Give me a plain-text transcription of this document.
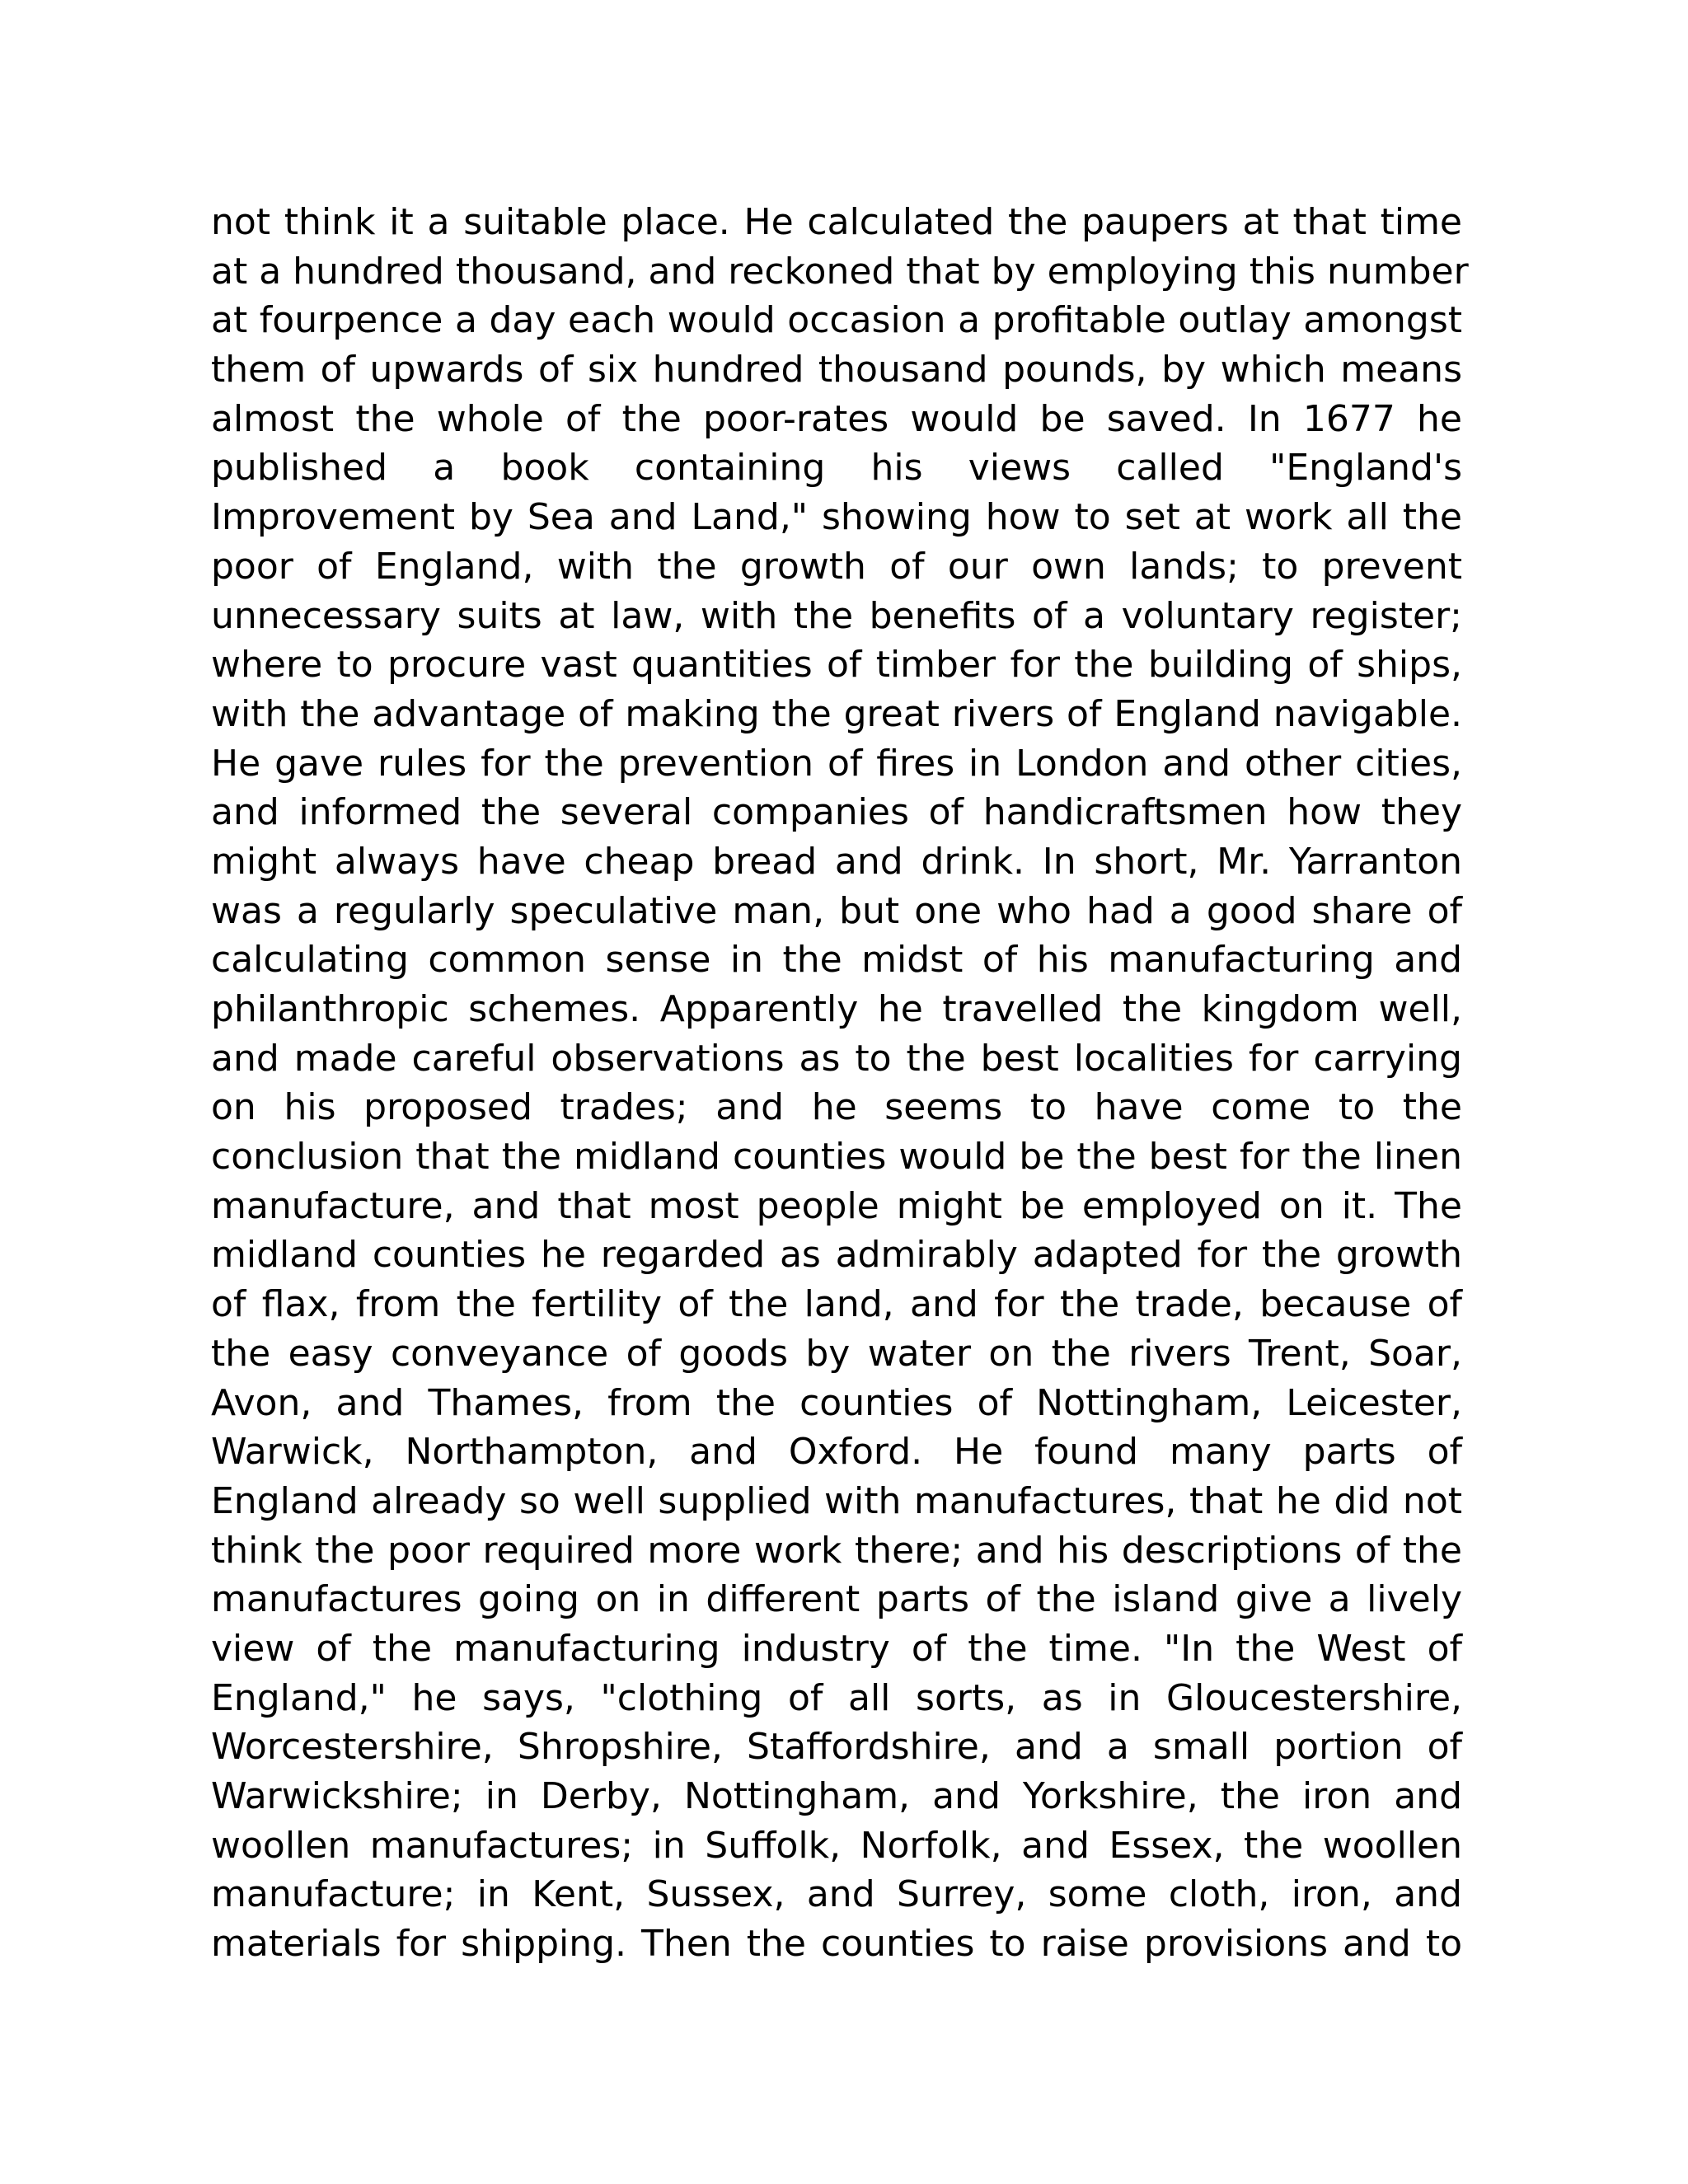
not think it a suitable place. He calculated the paupers at that time
at a hundred thousand, and reckoned that by employing this number
at fourpence a day each would occasion a profitable outlay amongst
them of upwards of six hundred thousand pounds, by which means
almost the whole of the poor-rates would be saved. In 1677 he
published a book containing his views called "England's
Improvement by Sea and Land," showing how to set at work all the
poor of England, with the growth of our own lands; to prevent
unnecessary suits at law, with the benefits of a voluntary register;
where to procure vast quantities of timber for the building of ships,
with the advantage of making the great rivers of England navigable.
He gave rules for the prevention of fires in London and other cities,
and informed the several companies of handicraftsmen how they
might always have cheap bread and drink. In short, Mr. Yarranton
was a regularly speculative man, but one who had a good share of
calculating common sense in the midst of his manufacturing and
philanthropic schemes. Apparently he travelled the kingdom well,
and made careful observations as to the best localities for carrying
on his proposed trades; and he seems to have come to the
conclusion that the midland counties would be the best for the linen
manufacture, and that most people might be employed on it. The
midland counties he regarded as admirably adapted for the growth
of flax, from the fertility of the land, and for the trade, because of
the easy conveyance of goods by water on the rivers Trent, Soar,
Avon, and Thames, from the counties of Nottingham, Leicester,
Warwick, Northampton, and Oxford. He found many parts of
England already so well supplied with manufactures, that he did not
think the poor required more work there; and his descriptions of the
manufactures going on in different parts of the island give a lively
view of the manufacturing industry of the time. "In the West of
England," he says, "clothing of all sorts, as in Gloucestershire,
Worcestershire, Shropshire, Staffordshire, and a small portion of
Warwickshire; in Derby, Nottingham, and Yorkshire, the iron and
woollen manufactures; in Suffolk, Norfolk, and Essex, the woollen
manufacture; in Kent, Sussex, and Surrey, some cloth, iron, and
materials for shipping. Then the counties to raise provisions and to
